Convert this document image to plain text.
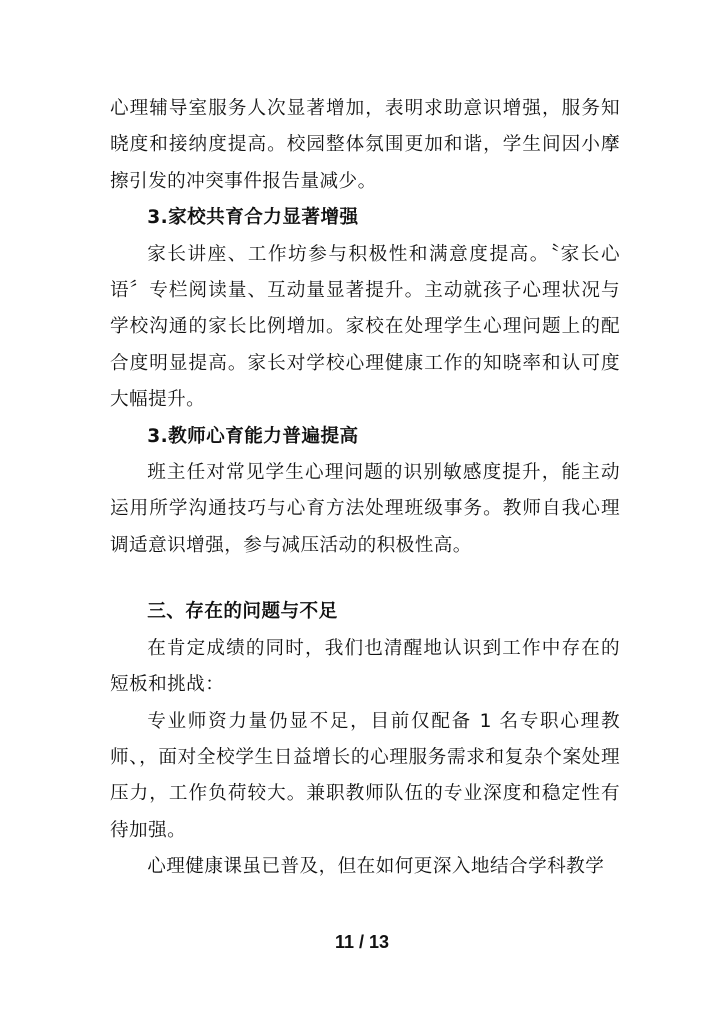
心理辅导室服务人次显著增加，表明求助意识增强，服务知晓度和接纳度提高。校园整体氛围更加和谐，学生间因小摩擦引发的冲突事件报告量减少。

3.家校共育合力显著增强

家长讲座、工作坊参与积极性和满意度提高。〝家长心语〞专栏阅读量、互动量显著提升。主动就孩子心理状况与学校沟通的家长比例增加。家校在处理学生心理问题上的配合度明显提高。家长对学校心理健康工作的知晓率和认可度大幅提升。

3.教师心育能力普遍提高

班主任对常见学生心理问题的识别敏感度提升，能主动运用所学沟通技巧与心育方法处理班级事务。教师自我心理调适意识增强，参与减压活动的积极性高。

三、存在的问题与不足

在肯定成绩的同时，我们也清醒地认识到工作中存在的短板和挑战：

专业师资力量仍显不足，目前仅配备 1 名专职心理教师、，面对全校学生日益增长的心理服务需求和复杂个案处理压力，工作负荷较大。兼职教师队伍的专业深度和稳定性有待加强。

心理健康课虽已普及，但在如何更深入地结合学科教学

11 / 13
